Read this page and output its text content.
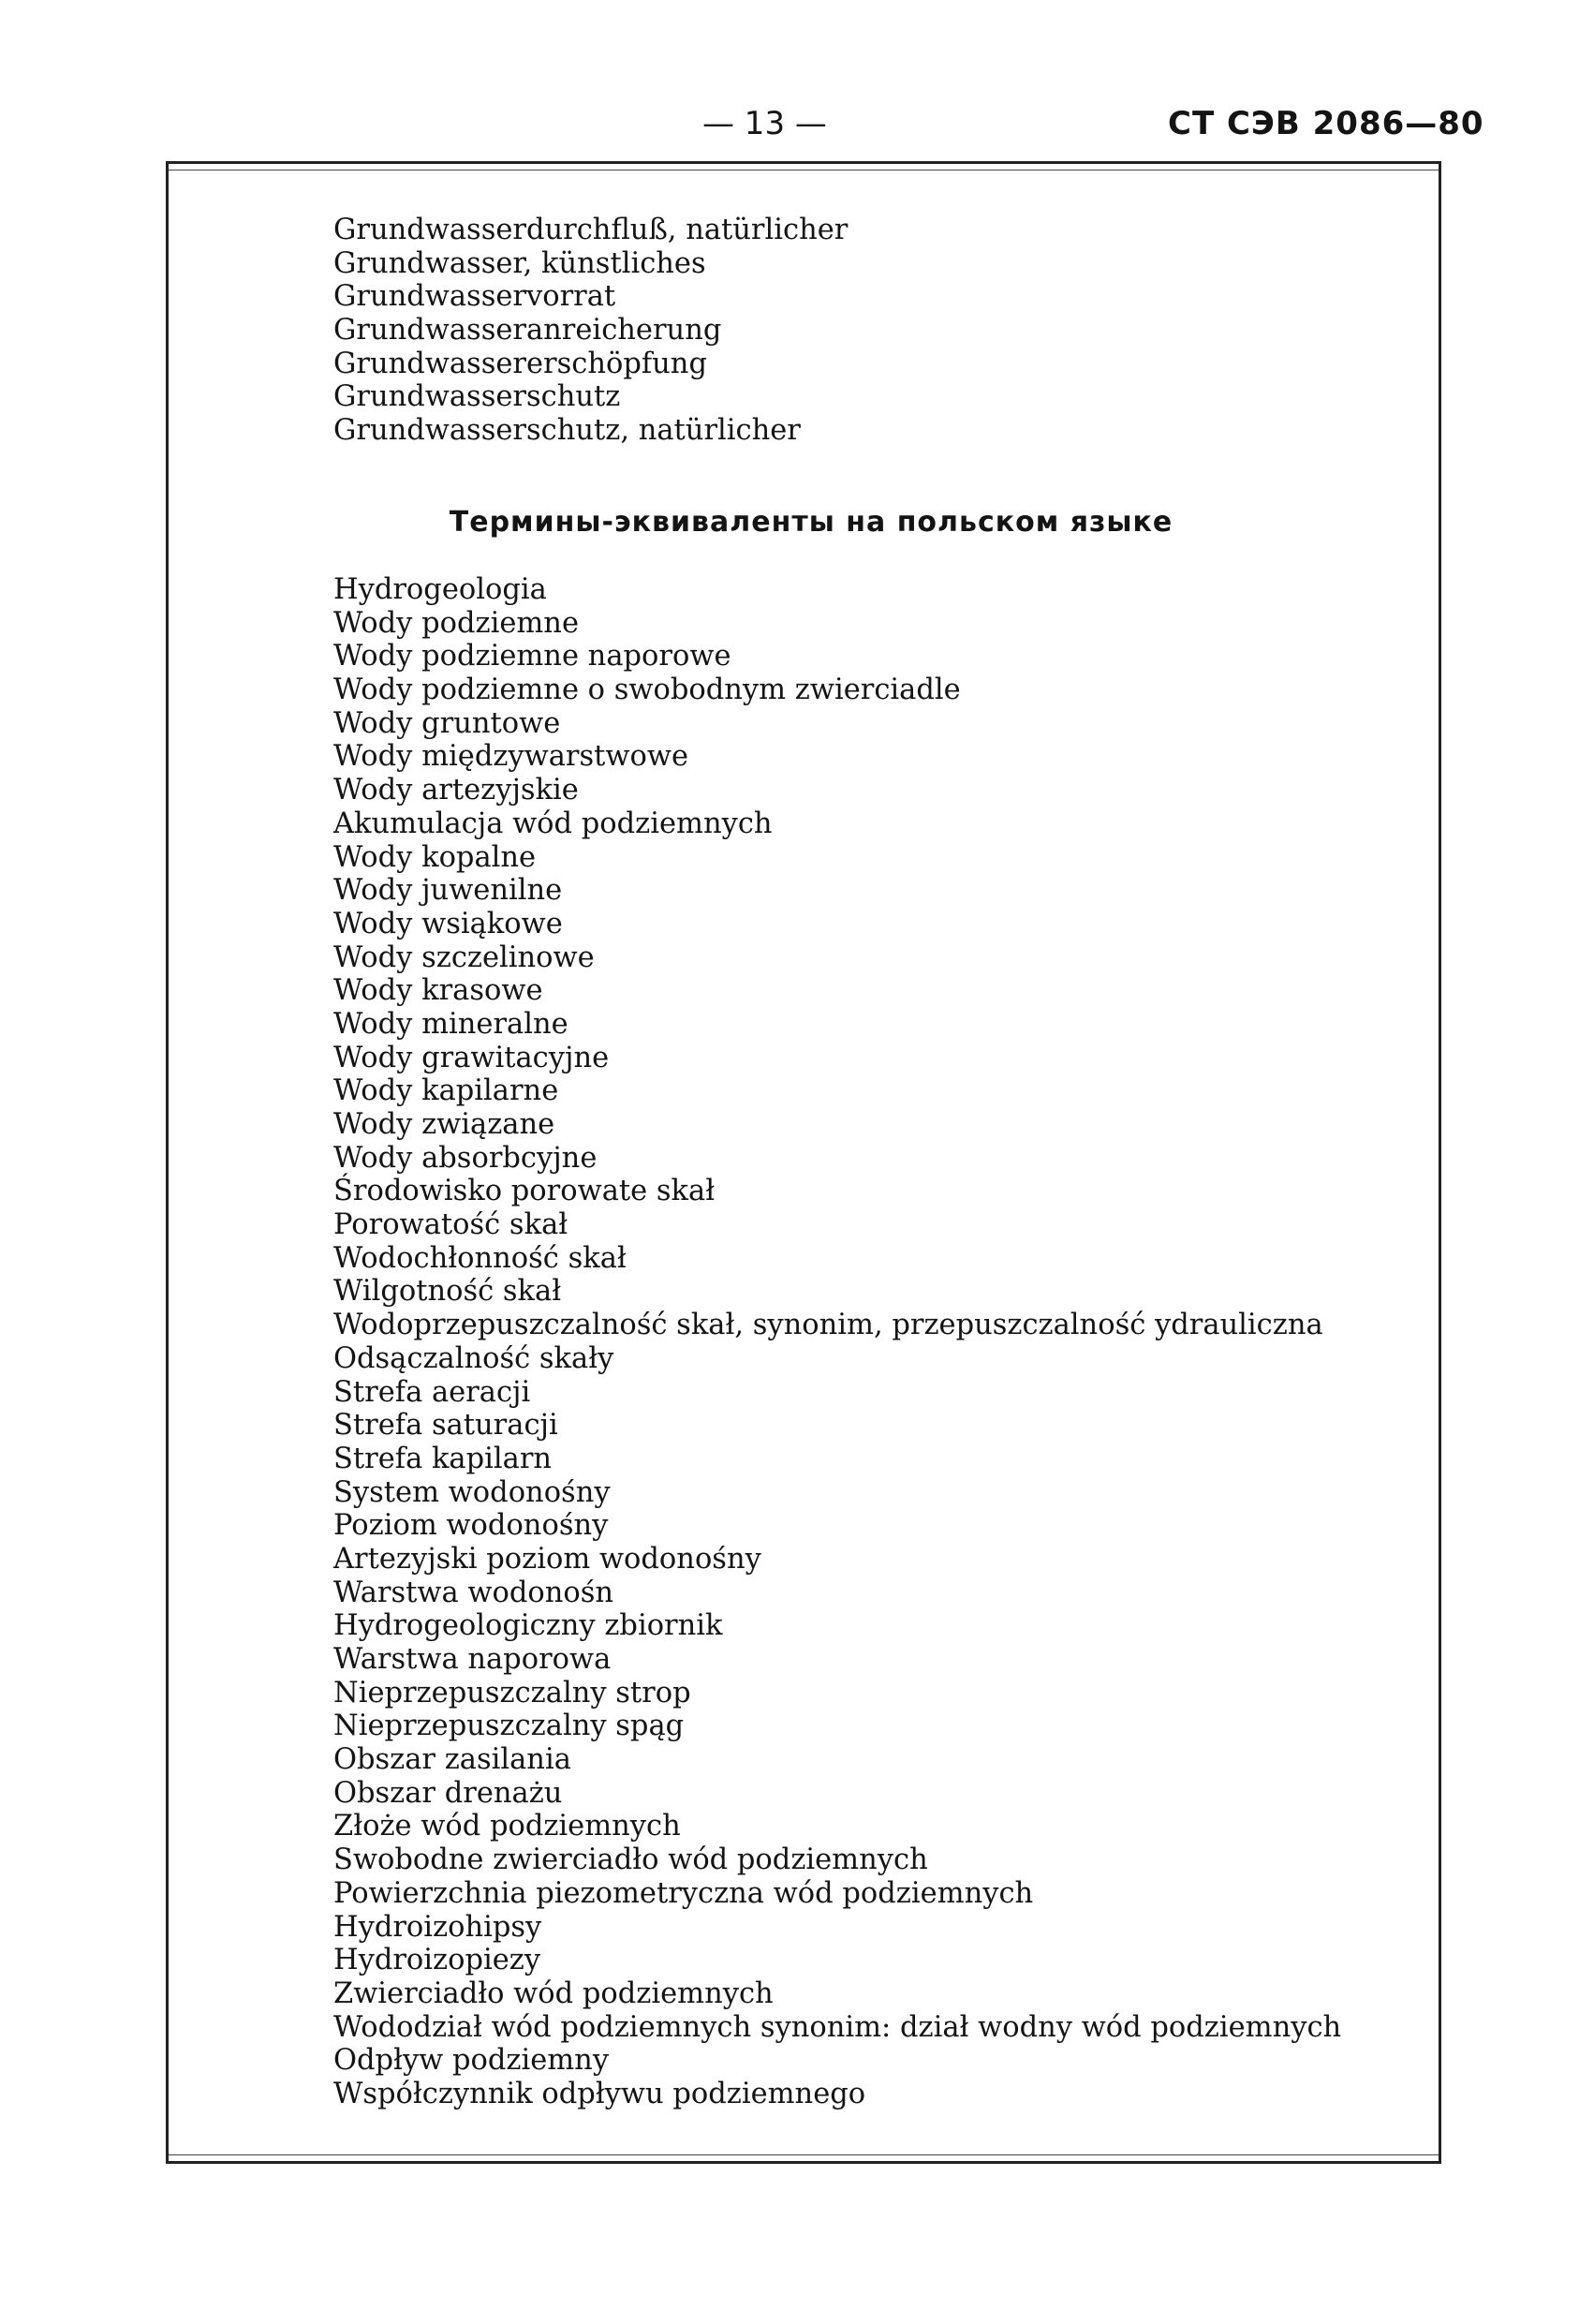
— 13 —	СТ СЭВ 2086—80
Grundwasserdurchfluß, natürlicher
Grundwasser, künstliches
Grundwasservorrat
Grundwasseranreicherung
Grundwassererschöpfung
Grundwasserschutz
Grundwasserschutz, natürlicher
Термины-эквиваленты на польском языке
Hydrogeologia
Wody podziemne
Wody podziemne naporowe
Wody podziemne o swobodnym zwierciadle
Wody gruntowe
Wody międzywarstwowe
Wody artezyjskie
Akumulacja wód podziemnych
Wody kopalne
Wody juwenilne
Wody wsiąkowe
Wody szczelinowe
Wody krasowe
Wody mineralne
Wody grawitacyjne
Wody kapilarne
Wody związane
Wody absorbcyjne
Środowisko porowate skał
Porowatość skał
Wodochłonność skał
Wilgotność skał
Wodoprzepuszczalność skał, synonim, przepuszczalność ydrauliczna
Odsączalność skały
Strefa aeracji
Strefa saturacji
Strefa kapilarn
System wodonośny
Poziom wodonośny
Artezyjski poziom wodonośny
Warstwa wodonośn
Hydrogeologiczny zbiornik
Warstwa naporowa
Nieprzepuszczalny strop
Nieprzepuszczalny spąg
Obszar zasilania
Obszar drenażu
Złoże wód podziemnych
Swobodne zwierciadło wód podziemnych
Powierzchnia piezometryczna wód podziemnych
Hydroizohipsy
Hydroizopiezy
Zwierciadło wód podziemnych
Wododział wód podziemnych synonim: dział wodny wód podziemnych
Odpływ podziemny
Współczynnik odpływu podziemnego
